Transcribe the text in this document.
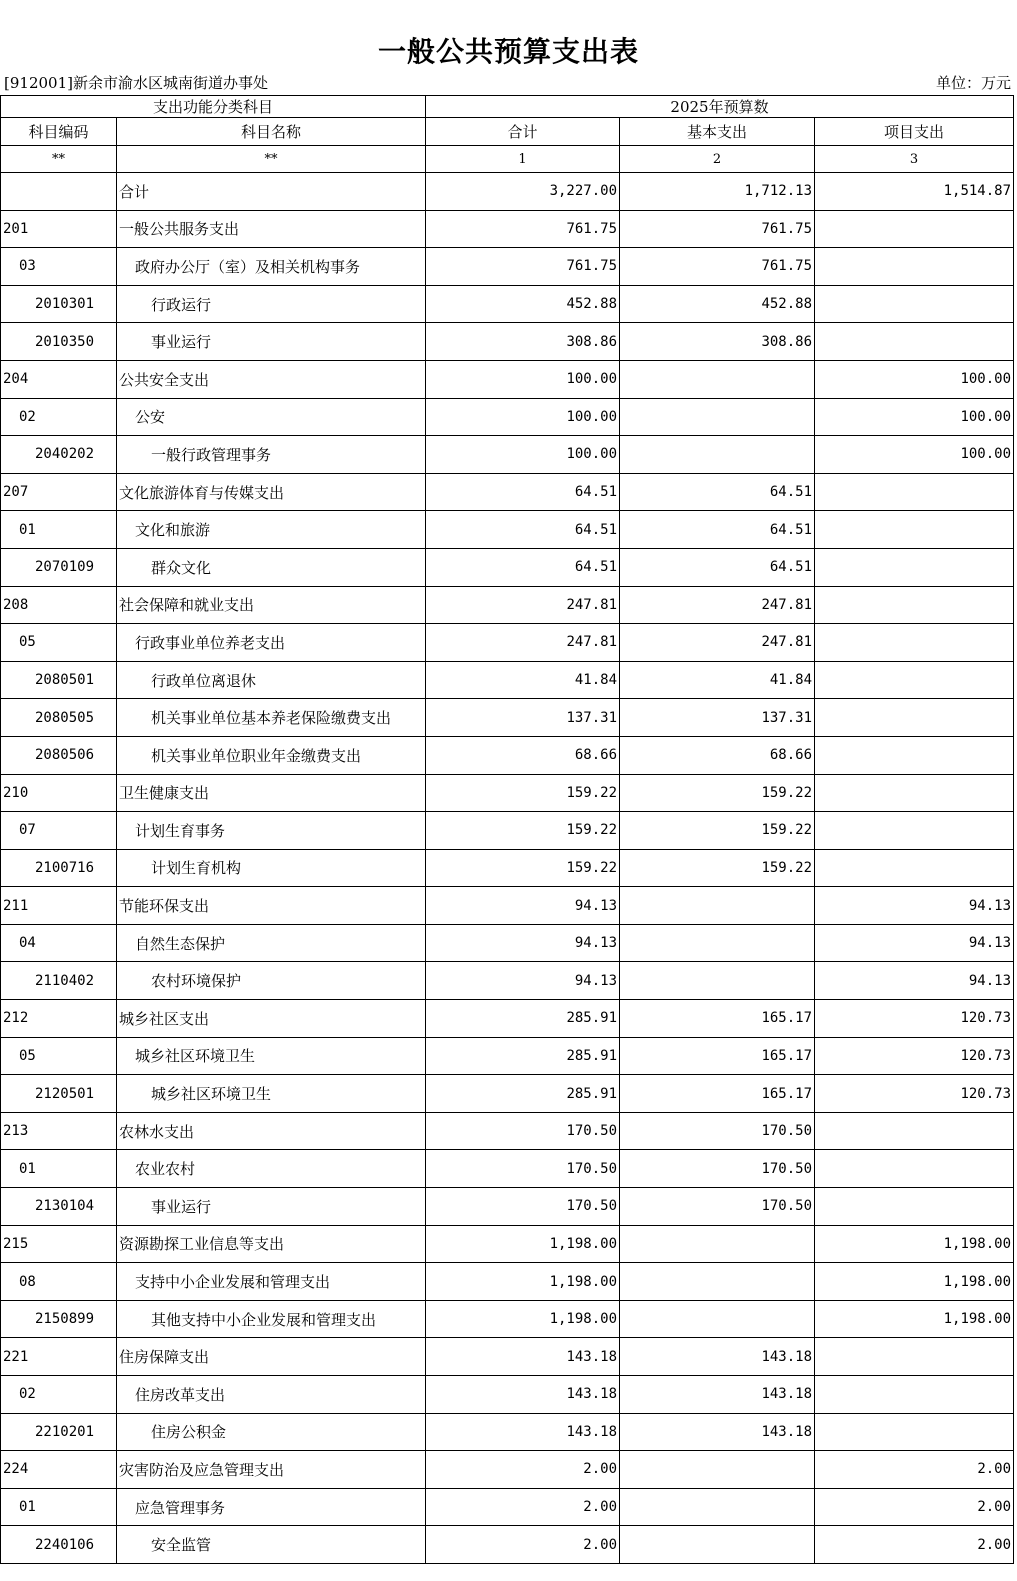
一般公共预算支出表
[912001]新余市渝水区城南街道办事处	单位：万元
支出功能分类科目		2025年预算数		
科目编码	科目名称	合计	基本支出	项目支出
**	**	1	2	3
	合计	3,227.00	1,712.13	1,514.87
201	一般公共服务支出	761.75	761.75	
03	政府办公厅（室）及相关机构事务	761.75	761.75	
2010301	行政运行	452.88	452.88	
2010350	事业运行	308.86	308.86	
204	公共安全支出	100.00		100.00
02	公安	100.00		100.00
2040202	一般行政管理事务	100.00		100.00
207	文化旅游体育与传媒支出	64.51	64.51	
01	文化和旅游	64.51	64.51	
2070109	群众文化	64.51	64.51	
208	社会保障和就业支出	247.81	247.81	
05	行政事业单位养老支出	247.81	247.81	
2080501	行政单位离退休	41.84	41.84	
2080505	机关事业单位基本养老保险缴费支出	137.31	137.31	
2080506	机关事业单位职业年金缴费支出	68.66	68.66	
210	卫生健康支出	159.22	159.22	
07	计划生育事务	159.22	159.22	
2100716	计划生育机构	159.22	159.22	
211	节能环保支出	94.13		94.13
04	自然生态保护	94.13		94.13
2110402	农村环境保护	94.13		94.13
212	城乡社区支出	285.91	165.17	120.73
05	城乡社区环境卫生	285.91	165.17	120.73
2120501	城乡社区环境卫生	285.91	165.17	120.73
213	农林水支出	170.50	170.50	
01	农业农村	170.50	170.50	
2130104	事业运行	170.50	170.50	
215	资源勘探工业信息等支出	1,198.00		1,198.00
08	支持中小企业发展和管理支出	1,198.00		1,198.00
2150899	其他支持中小企业发展和管理支出	1,198.00		1,198.00
221	住房保障支出	143.18	143.18	
02	住房改革支出	143.18	143.18	
2210201	住房公积金	143.18	143.18	
224	灾害防治及应急管理支出	2.00		2.00
01	应急管理事务	2.00		2.00
2240106	安全监管	2.00		2.00
